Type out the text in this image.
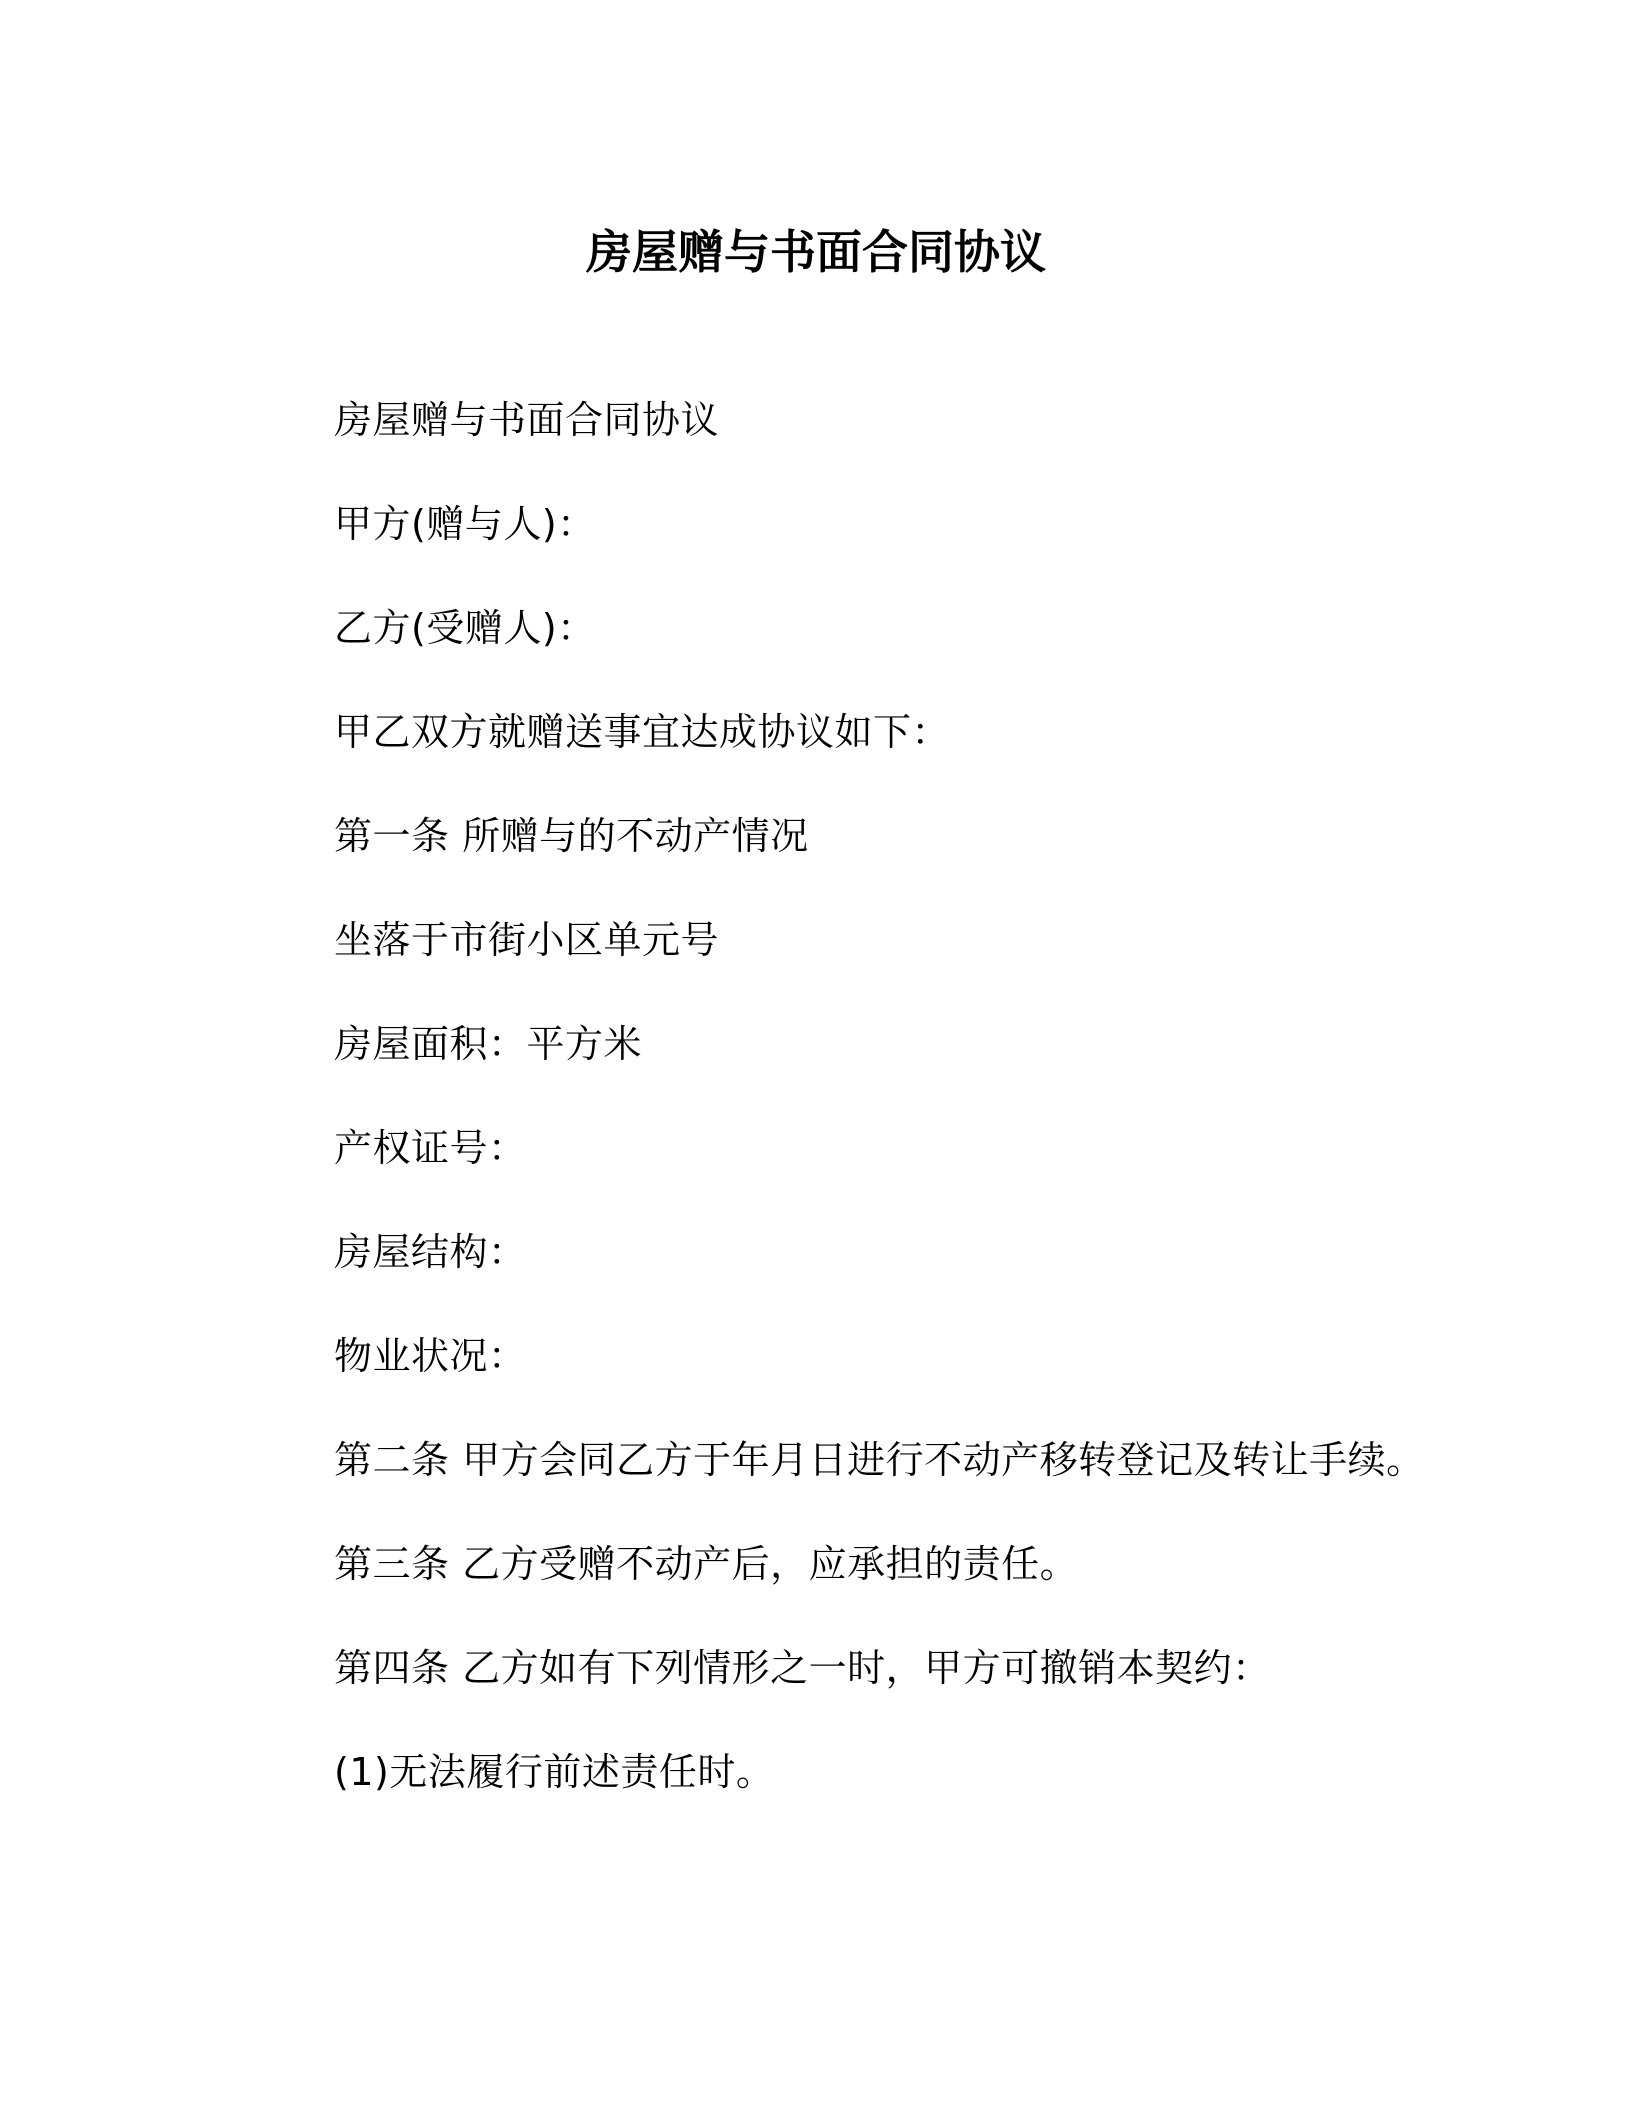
房屋赠与书面合同协议
房屋赠与书面合同协议
甲方(赠与人)：
乙方(受赠人)：
甲乙双方就赠送事宜达成协议如下：
第一条 所赠与的不动产情况
坐落于市街小区单元号
房屋面积：平方米
产权证号：
房屋结构：
物业状况：
第二条 甲方会同乙方于年月日进行不动产移转登记及转让手续。
第三条 乙方受赠不动产后，应承担的责任。
第四条 乙方如有下列情形之一时，甲方可撤销本契约：
(1)无法履行前述责任时。
